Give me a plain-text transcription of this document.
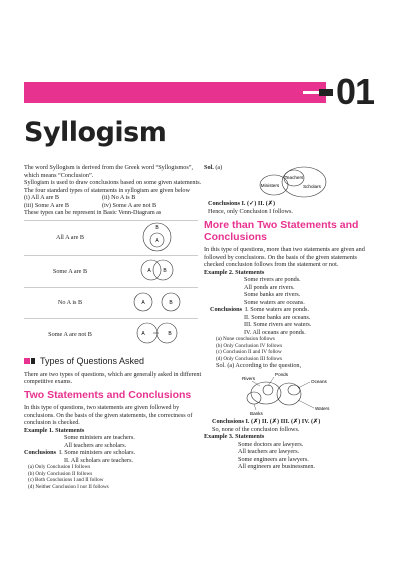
01
Syllogism

The word Syllogism is derived from the Greek word “Syllogismos”, which means “Conclusion”.

Syllogism is used to draw conclusions based on some given statements.

The four standard types of statements in syllogism are given below

(i) All A are B	(ii) No A is B
(iii) Some A are B	(iv) Some A are not B

These types can be represent in Basic Venn-Diagram as

All A are B	B
A

Some A are B	A B

No A is B	A B

Some A are not B	A B
Types of Questions Asked

There are two types of questions, which are generally asked in different competitive exams.

Two Statements and Conclusions

In this type of questions, two statements are given followed by conclusions. On the basis of the given statements, the correctness of conclusion is checked.

Example 1. Statements

Some ministers are teachers.

All teachers are scholars.

Conclusions I. Some ministers are scholars.

II. All scholars are teachers.

(a) Only Conclusion I follows

(b) Only Conclusion II follows

(c) Both Conclusions I and II follow

(d) Neither Conclusion I nor II follows

Sol. (a)

Ministers
Teachers
Scholars

Conclusions I. (✓) II. (✗)

Hence, only Conclusion I follows.

More than Two Statements and Conclusions

In this type of questions, more than two statements are given and followed by conclusions. On the basis of the given statements checked conclusion follows from the statement or not.

Example 2. Statements

Some rivers are ponds.

All ponds are rivers.

Some banks are rivers.

Some waters are oceans.

Conclusions I. Some waters are ponds.

II. Some banks are oceans.

III. Some rivers are waters.

IV. All oceans are ponds.

(a) None conclusion follows

(b) Only Conclusion IV follows

(c) Conclusion II and IV follow

(d) Only Conclusion III follows

Sol. (a) According to the question,

Ponds
Rivers
Oceans
Banks
Waters

Conclusions I. (✗) II. (✗) III. (✗) IV. (✗)

So, none of the conclusion follows.

Example 3. Statements

Some doctors are lawyers.

All teachers are lawyers.

Some engineers are lawyers.

All engineers are businessmen.
